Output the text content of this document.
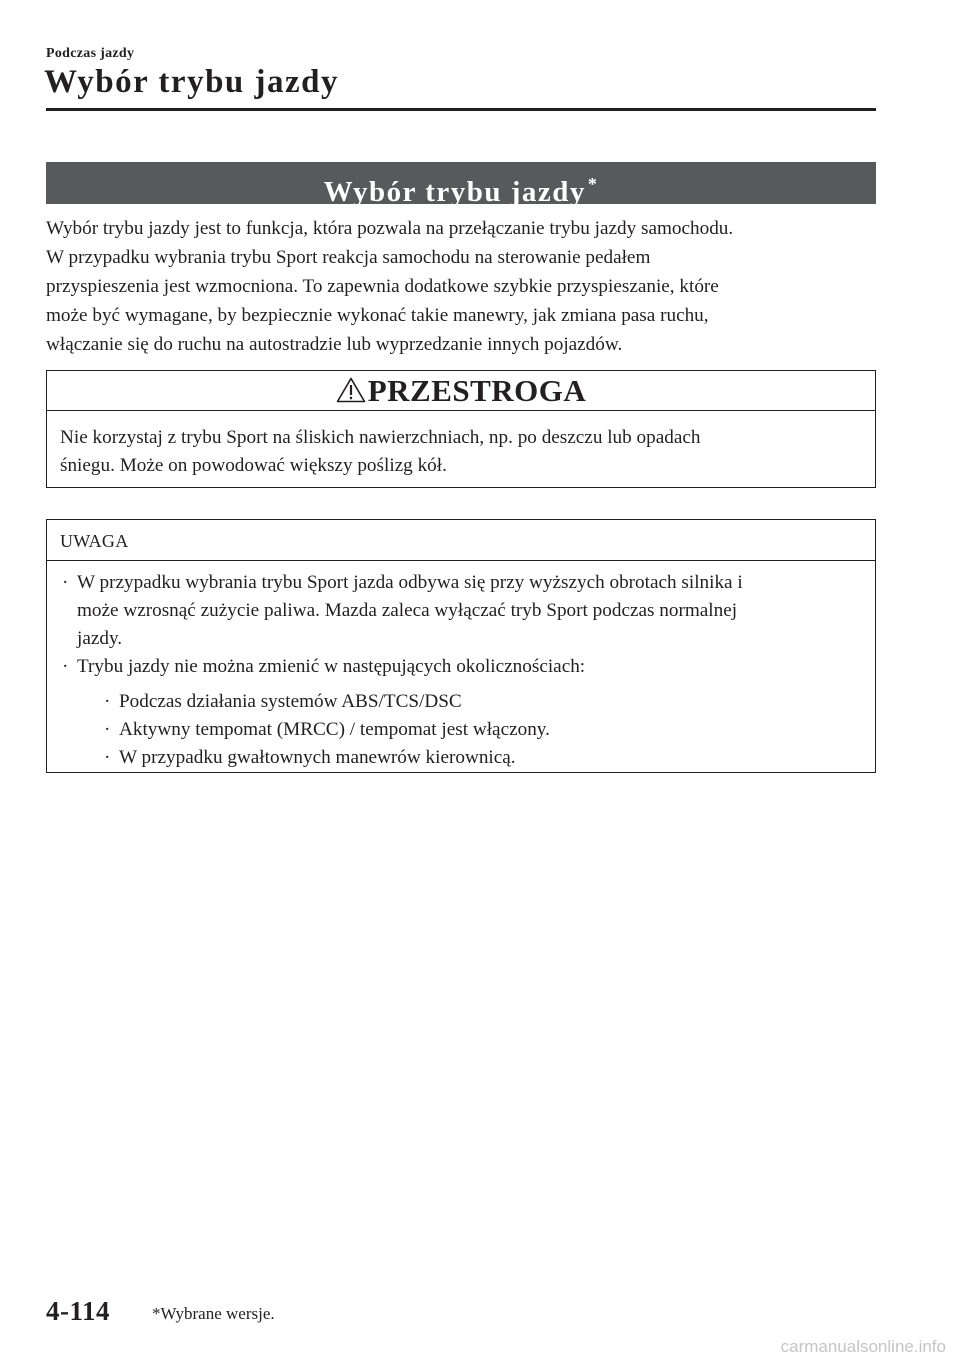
Podczas jazdy
Wybór trybu jazdy
Wybór trybu jazdy *

Wybór trybu jazdy jest to funkcja, która pozwala na przełączanie trybu jazdy samochodu.
W przypadku wybrania trybu Sport reakcja samochodu na sterowanie pedałem
przyspieszenia jest wzmocniona. To zapewnia dodatkowe szybkie przyspieszanie, które
może być wymagane, by bezpiecznie wykonać takie manewry, jak zmiana pasa ruchu,
włączanie się do ruchu na autostradzie lub wyprzedzanie innych pojazdów.

PRZESTROGA

Nie korzystaj z trybu Sport na śliskich nawierzchniach, np. po deszczu lub opadach
śniegu. Może on powodować większy poślizg kół.

UWAGA
· W przypadku wybrania trybu Sport jazda odbywa się przy wyższych obrotach silnika i
może wzrosnąć zużycie paliwa. Mazda zaleca wyłączać tryb Sport podczas normalnej
jazdy.
· Trybu jazdy nie można zmienić w następujących okolicznościach:
· Podczas działania systemów ABS/TCS/DSC
· Aktywny tempomat (MRCC) / tempomat jest włączony.
· W przypadku gwałtownych manewrów kierownicą.
4-114 *Wybrane wersje.
carmanualsonline.info
